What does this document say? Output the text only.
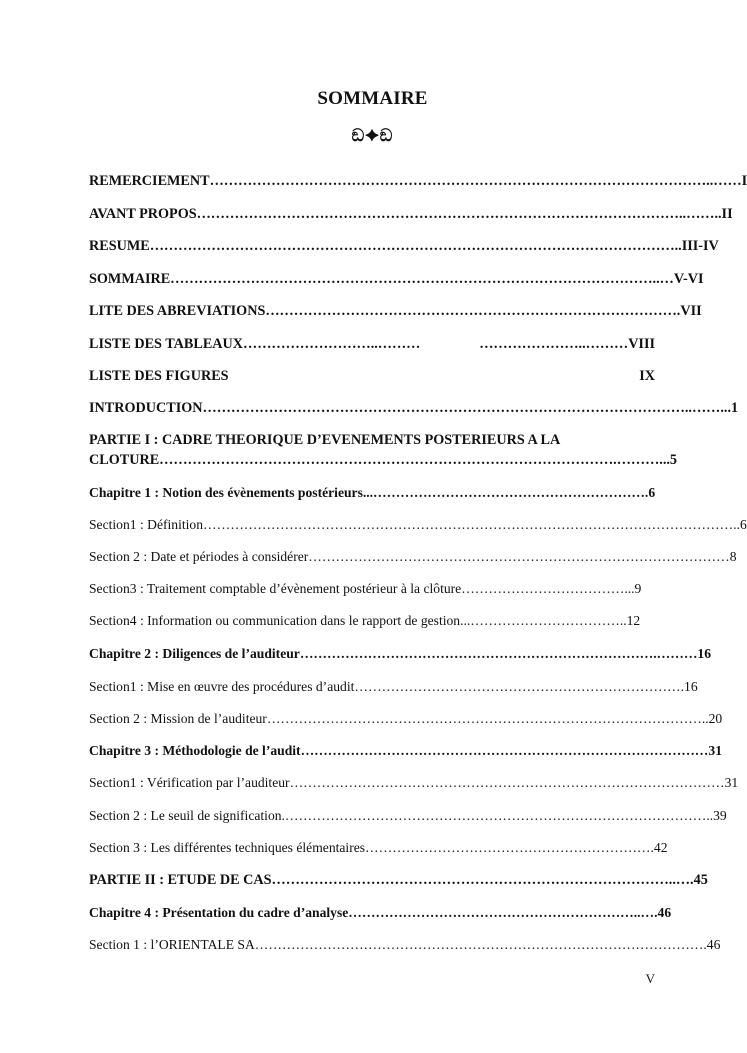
SOMMAIRE
ඞ✦ඞ
REMERCIEMENT……………………………………………………………………………………………..……I
AVANT PROPOS…………………………………………………………………………………………..……..II
RESUME…………………………………………………………………………………………………..III-IV
SOMMAIRE…………………………………………………………………………………………..…V-VI
LITE DES ABREVIATIONS…………………………………………………………………………….VII
LISTE DES TABLEAUX………………………..………	…………………..………VIII
LISTE DES FIGURES	IX
INTRODUCTION…………………………………………………………………………………………..……...1
PARTIE I : CADRE THEORIQUE D’EVENEMENTS POSTERIEURS A LA
CLOTURE…………………………………………………………………………………….………...5
Chapitre 1 : Notion des évènements postérieurs...…………………………………………………….6
Section1 : Définition………………………………………………………………………………………………………..6
Section 2 : Date et périodes à considérer…………………………………………………………………………………8
Section3 : Traitement comptable d’évènement postérieur à la clôture………………………………...9
Section4 : Information ou communication dans le rapport de gestion...……………………………..12
Chapitre 2 : Diligences de l’auditeur…………………………………………………………………….………16
Section1 : Mise en œuvre des procédures d’audit……………………………………………………………….16
Section 2 : Mission de l’auditeur……………………………………………………………………………………..20
Chapitre 3 : Méthodologie de l’audit………………………………………………………………………………31
Section1 : Vérification par l’auditeur……………………………………………………………………………………31
Section 2 : Le seuil de signification.…………………………………………………………………………………..39
Section 3 : Les différentes techniques élémentaires……………………………………………………….42
PARTIE II : ETUDE DE CAS…………………………………………………………………………..….45
Chapitre 4 : Présentation du cadre d’analyse………………………………………………………..….46
Section 1 : l’ORIENTALE SA……………………………………………………………………………………….46
V
